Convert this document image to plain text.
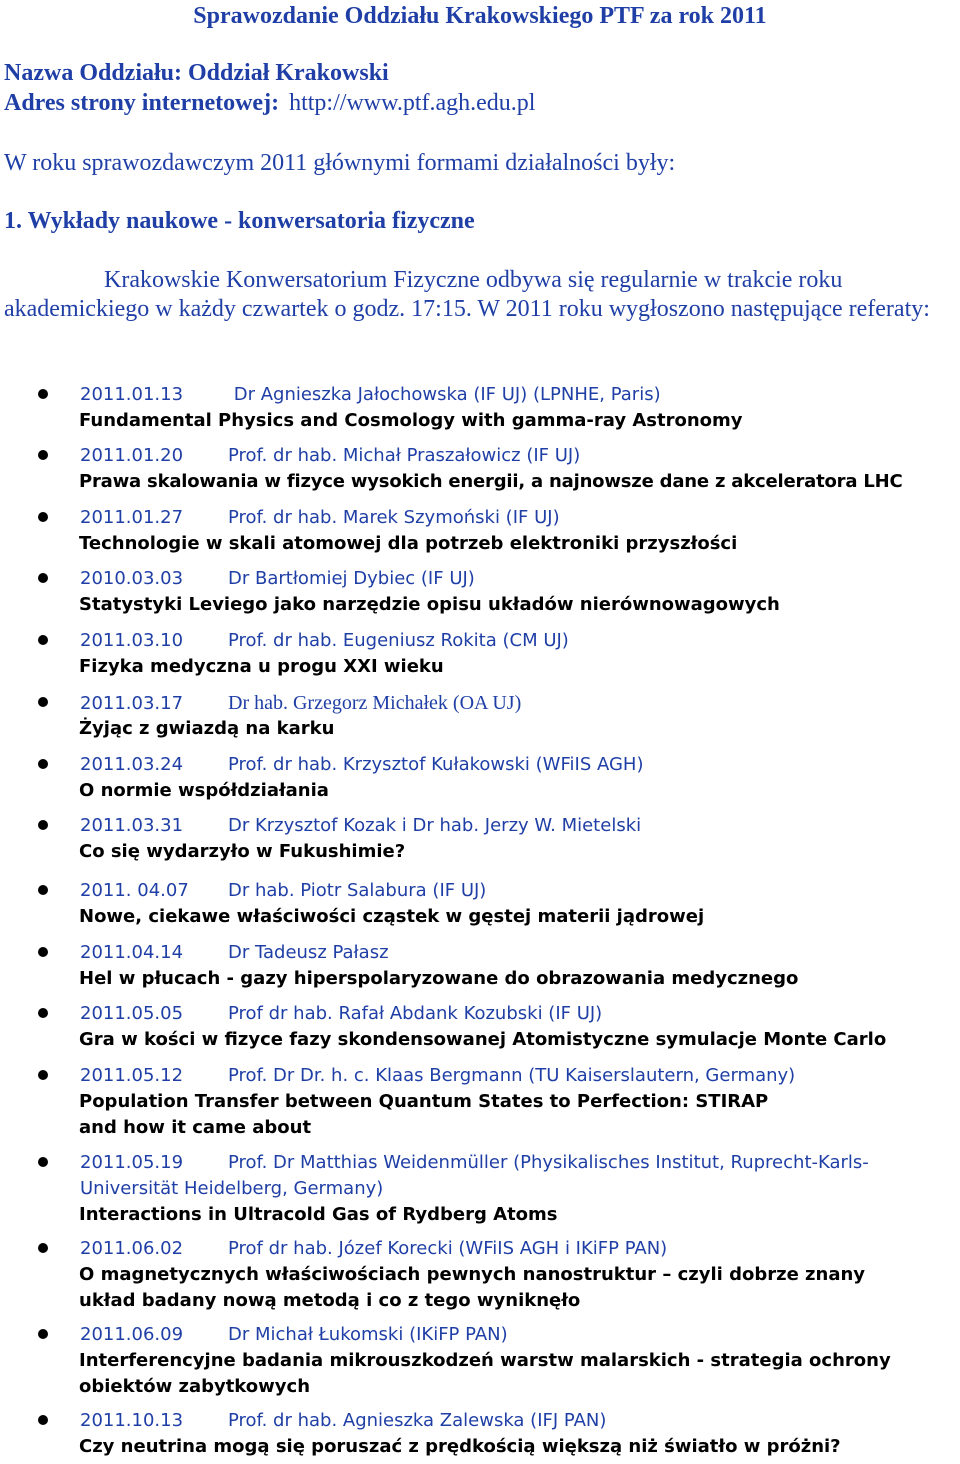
Sprawozdanie Oddziału Krakowskiego PTF za rok 2011
Nazwa Oddziału: Oddział Krakowski
Adres strony internetowej: http://www.ptf.agh.edu.pl
W roku sprawozdawczym 2011 głównymi formami działalności były:
1. Wykłady naukowe - konwersatoria fizyczne
Krakowskie Konwersatorium Fizyczne odbywa się regularnie w trakcie roku akademickiego w każdy czwartek o godz. 17:15. W 2011 roku wygłoszono następujące referaty:
2011.01.13 Dr Agnieszka Jałochowska (IF UJ) (LPNHE, Paris)
Fundamental Physics and Cosmology with gamma-ray Astronomy
2011.01.20 Prof. dr hab. Michał Praszałowicz (IF UJ)
Prawa skalowania w fizyce wysokich energii, a najnowsze dane z akceleratora LHC
2011.01.27 Prof. dr hab. Marek Szymoński (IF UJ)
Technologie w skali atomowej dla potrzeb elektroniki przyszłości
2010.03.03 Dr Bartłomiej Dybiec (IF UJ)
Statystyki Leviego jako narzędzie opisu układów nierównowagowych
2011.03.10 Prof. dr hab. Eugeniusz Rokita (CM UJ)
Fizyka medyczna u progu XXI wieku
2011.03.17 Dr hab. Grzegorz Michałek (OA UJ)
Żyjąc z gwiazdą na karku
2011.03.24 Prof. dr hab. Krzysztof Kułakowski (WFiIS AGH)
O normie współdziałania
2011.03.31 Dr Krzysztof Kozak i Dr hab. Jerzy W. Mietelski
Co się wydarzyło w Fukushimie?
2011. 04.07 Dr hab. Piotr Salabura (IF UJ)
Nowe, ciekawe właściwości cząstek w gęstej materii jądrowej
2011.04.14 Dr Tadeusz Pałasz
Hel w płucach - gazy hiperspolaryzowane do obrazowania medycznego
2011.05.05 Prof dr hab. Rafał Abdank Kozubski (IF UJ)
Gra w kości w fizyce fazy skondensowanej Atomistyczne symulacje Monte Carlo
2011.05.12 Prof. Dr Dr. h. c. Klaas Bergmann (TU Kaiserslautern, Germany)
Population Transfer between Quantum States to Perfection: STIRAP
and how it came about
2011.05.19 Prof. Dr Matthias Weidenmüller (Physikalisches Institut, Ruprecht-Karls-
Universität Heidelberg, Germany)
Interactions in Ultracold Gas of Rydberg Atoms
2011.06.02 Prof dr hab. Józef Korecki (WFiIS AGH i IKiFP PAN)
O magnetycznych właściwościach pewnych nanostruktur – czyli dobrze znany
układ badany nową metodą i co z tego wyniknęło
2011.06.09 Dr Michał Łukomski (IKiFP PAN)
Interferencyjne badania mikrouszkodzeń warstw malarskich - strategia ochrony
obiektów zabytkowych
2011.10.13 Prof. dr hab. Agnieszka Zalewska (IFJ PAN)
Czy neutrina mogą się poruszać z prędkością większą niż światło w próżni?
